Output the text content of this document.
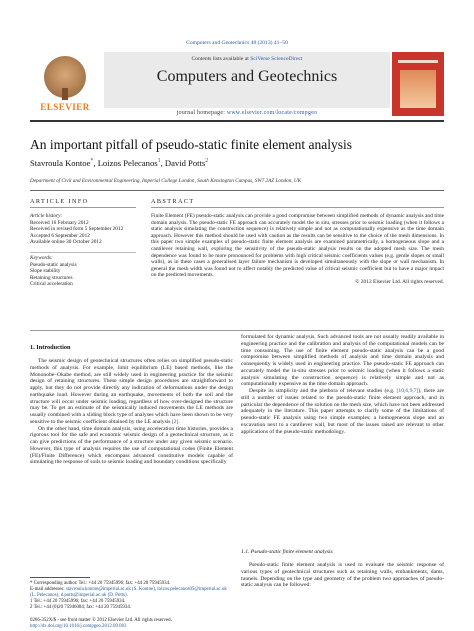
Computers and Geotechnics 48 (2013) 41–50
ELSEVIER
Contents lists available at SciVerse ScienceDirect
Computers and Geotechnics
journal homepage: www.elsevier.com/locate/compgeo
An important pitfall of pseudo-static finite element analysis
Stavroula Kontoe*, Loizos Pelecanos$^1$, David Potts$^2$
Department of Civil and Environmental Engineering, Imperial College London, South Kensington Campus, SW7 2AZ London, UK
ARTICLE INFO	ABSTRACT
Article history:
Received 16 February 2012
Received in revised form 5 September 2012
Accepted 6 September 2012
Available online 30 October 2012
Keywords:
Pseudo-static analysis
Slope stability
Retaining structures
Critical acceleration
Finite Element (FE) pseudo-static analysis can provide a good compromise between simplified methods of dynamic analysis and time domain analysis. The pseudo-static FE approach can accurately model the in situ, stresses prior to seismic loading (when it follows a static analysis simulating the construction sequence) is relatively simple and not as computationally expensive as the time domain approach. However this method should be used with caution as the results can be sensitive to the choice of the mesh dimensions. In this paper two simple examples of pseudo-static finite element analysis are examined parametrically, a homogeneous slope and a cantilever retaining wall, exploring the sensitivity of the pseudo-static analysis results on the adopted mesh size. The mesh dependence was found to be more pronounced for problems with high critical seismic coefficients values (e.g. gentle slopes or small walls), as in these cases a generalised layer failure mechanism is developed simultaneously with the slope or wall mechanism. In general the mesh width was found not to affect notably the predicted value of critical seismic coefficient but to have a major impact on the predicted movements.
© 2012 Elsevier Ltd. All rights reserved.
1. Introduction

The seismic design of geotechnical structures often relies on simplified pseudo-static methods of analysis. For example, limit equilibrium (LE) based methods, like the Mononobe–Okabe method, are still widely used in engineering practice for the seismic design of retaining structures. These simple design procedures are straightforward to apply, but they do not provide directly any indication of deformations under the design earthquake load. However during an earthquake, movements of both the soil and the structure will occur under seismic loading, regardless of how over-designed the structure may be. To get an estimate of the seismically induced movements the LE methods are usually combined with a sliding block type of analyses which have been shown to be very sensitive to the seismic coefficient obtained by the LE analysis [2].

On the other hand, time domain analysis, using acceleration time histories, provides a rigorous tool for the safe and economic seismic design of a geotechnical structure, as it can give predictions of the performance of a structure under any given seismic scenario. However, this type of analysis requires the use of computational codes (Finite Element (FE)/Finite Difference) which encompass advanced constitutive models capable of simulating the response of soils to seismic loading and boundary conditions specifically

formulated for dynamic analysis. Such advanced tools are not usually readily available in engineering practice and the calibration and analysis of the computational models can be time consuming. The use of finite element pseudo-static analysis can be a good compromise between simplified methods of analysis and time domain analysis and consequently is widely used in engineering practice. The pseudo-static FE approach can accurately model the in-situ stresses prior to seismic loading (when it follows a static analysis simulating the construction sequence) is relatively simple and not as computationally expensive as the time domain approach.

Despite its simplicity and the plethora of relevant studies (e.g. [10,6,9,7]), there are still a number of issues related to the pseudo-static finite element approach, and in particular the dependence of the solution on the mesh size, which have not been addressed adequately in the literature. This paper attempts to clarify some of the limitations of pseudo-static FE analysis using two simple examples; a homogeneous slope and an excavation next to a cantilever wall, but most of the issues raised are relevant to other applications of the pseudo-static methodology.

1.1. Pseudo-static finite element analysis

Pseudo-static finite element analysis is used to evaluate the seismic response of various types of geotechnical structures such as retaining walls, embankments, dams, tunnels. Depending on the type and geometry of the problem two approaches of pseudo-static analysis can be followed:

* Corresponding author. Tel.: +44 20 75945996; fax: +44 20 75945934.
E-mail addresses: stavroula.kontoe@imperial.ac.uk (S. Kontoe), loizos.pelecanos05@imperial.ac.uk (L. Pelecanos), d.potts@imperial.ac.uk (D. Potts).
1 Tel.: +44 20 75945996; fax: +44 20 75945934.
2 Tel.: +44 (0)20 75946084; fax: +44 20 75945934.
0266-352X/$ - see front matter © 2012 Elsevier Ltd. All rights reserved.
http://dx.doi.org/10.1016/j.compgeo.2012.09.003
